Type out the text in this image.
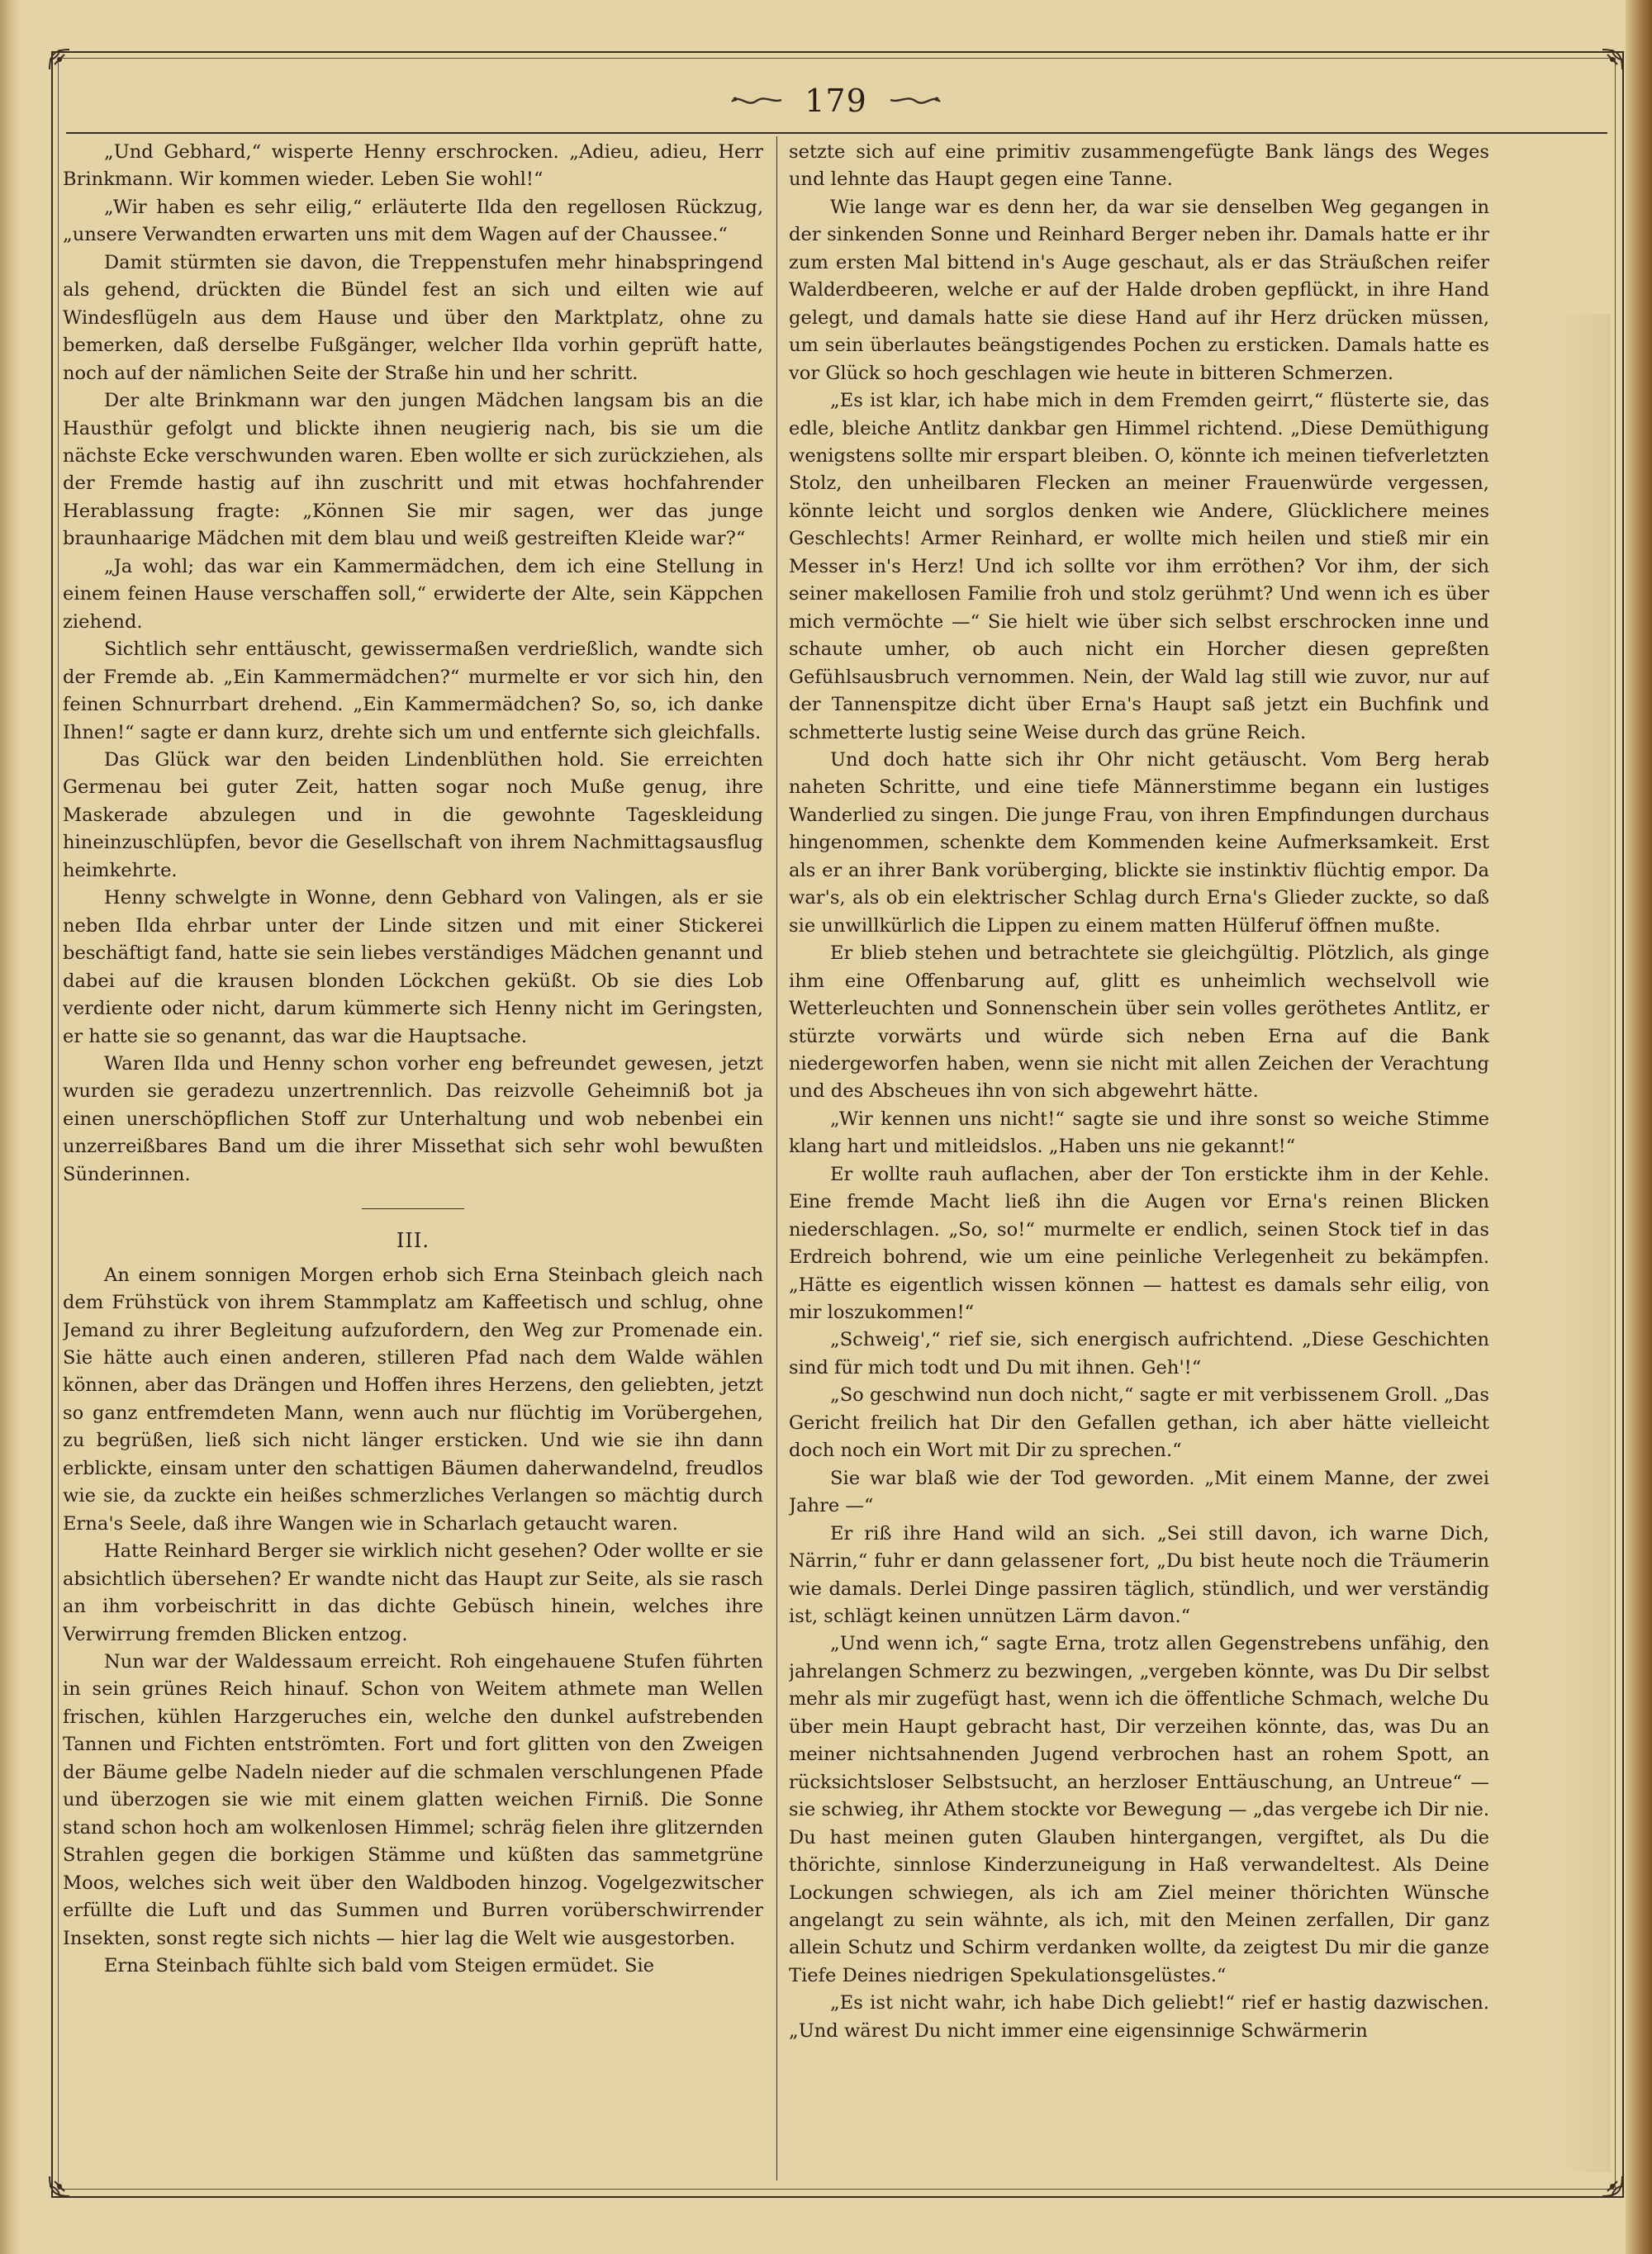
179

„Und Gebhard,“ wisperte Henny erschrocken. „Adieu, adieu, Herr Brinkmann. Wir kommen wieder. Leben Sie wohl!“

„Wir haben es sehr eilig,“ erläuterte Ilda den regellosen Rückzug, „unsere Verwandten erwarten uns mit dem Wagen auf der Chaussee.“

Damit stürmten sie davon, die Treppenstufen mehr hinabspringend als gehend, drückten die Bündel fest an sich und eilten wie auf Windesflügeln aus dem Hause und über den Marktplatz, ohne zu bemerken, daß derselbe Fußgänger, welcher Ilda vorhin geprüft hatte, noch auf der nämlichen Seite der Straße hin und her schritt.

Der alte Brinkmann war den jungen Mädchen langsam bis an die Hausthür gefolgt und blickte ihnen neugierig nach, bis sie um die nächste Ecke verschwunden waren. Eben wollte er sich zurückziehen, als der Fremde hastig auf ihn zuschritt und mit etwas hochfahrender Herablassung fragte: „Können Sie mir sagen, wer das junge braunhaarige Mädchen mit dem blau und weiß gestreiften Kleide war?“

„Ja wohl; das war ein Kammermädchen, dem ich eine Stellung in einem feinen Hause verschaffen soll,“ erwiderte der Alte, sein Käppchen ziehend.

Sichtlich sehr enttäuscht, gewissermaßen verdrießlich, wandte sich der Fremde ab. „Ein Kammermädchen?“ murmelte er vor sich hin, den feinen Schnurrbart drehend. „Ein Kammermädchen? So, so, ich danke Ihnen!“ sagte er dann kurz, drehte sich um und entfernte sich gleichfalls.

Das Glück war den beiden Lindenblüthen hold. Sie erreichten Germenau bei guter Zeit, hatten sogar noch Muße genug, ihre Maskerade abzulegen und in die gewohnte Tageskleidung hineinzuschlüpfen, bevor die Gesellschaft von ihrem Nachmittagsausflug heimkehrte.

Henny schwelgte in Wonne, denn Gebhard von Valingen, als er sie neben Ilda ehrbar unter der Linde sitzen und mit einer Stickerei beschäftigt fand, hatte sie sein liebes verständiges Mädchen genannt und dabei auf die krausen blonden Löckchen geküßt. Ob sie dies Lob verdiente oder nicht, darum kümmerte sich Henny nicht im Geringsten, er hatte sie so genannt, das war die Hauptsache.

Waren Ilda und Henny schon vorher eng befreundet gewesen, jetzt wurden sie geradezu unzertrennlich. Das reizvolle Geheimniß bot ja einen unerschöpflichen Stoff zur Unterhaltung und wob nebenbei ein unzerreißbares Band um die ihrer Missethat sich sehr wohl bewußten Sünderinnen.

III.

An einem sonnigen Morgen erhob sich Erna Steinbach gleich nach dem Frühstück von ihrem Stammplatz am Kaffeetisch und schlug, ohne Jemand zu ihrer Begleitung aufzufordern, den Weg zur Promenade ein. Sie hätte auch einen anderen, stilleren Pfad nach dem Walde wählen können, aber das Drängen und Hoffen ihres Herzens, den geliebten, jetzt so ganz entfremdeten Mann, wenn auch nur flüchtig im Vorübergehen, zu begrüßen, ließ sich nicht länger ersticken. Und wie sie ihn dann erblickte, einsam unter den schattigen Bäumen daherwandelnd, freudlos wie sie, da zuckte ein heißes schmerzliches Verlangen so mächtig durch Erna's Seele, daß ihre Wangen wie in Scharlach getaucht waren.

Hatte Reinhard Berger sie wirklich nicht gesehen? Oder wollte er sie absichtlich übersehen? Er wandte nicht das Haupt zur Seite, als sie rasch an ihm vorbeischritt in das dichte Gebüsch hinein, welches ihre Verwirrung fremden Blicken entzog.

Nun war der Waldessaum erreicht. Roh eingehauene Stufen führten in sein grünes Reich hinauf. Schon von Weitem athmete man Wellen frischen, kühlen Harzgeruches ein, welche den dunkel aufstrebenden Tannen und Fichten entströmten. Fort und fort glitten von den Zweigen der Bäume gelbe Nadeln nieder auf die schmalen verschlungenen Pfade und überzogen sie wie mit einem glatten weichen Firniß. Die Sonne stand schon hoch am wolkenlosen Himmel; schräg fielen ihre glitzernden Strahlen gegen die borkigen Stämme und küßten das sammetgrüne Moos, welches sich weit über den Waldboden hinzog. Vogelgezwitscher erfüllte die Luft und das Summen und Burren vorüberschwirrender Insekten, sonst regte sich nichts — hier lag die Welt wie ausgestorben.

Erna Steinbach fühlte sich bald vom Steigen ermüdet. Sie

setzte sich auf eine primitiv zusammengefügte Bank längs des Weges und lehnte das Haupt gegen eine Tanne.

Wie lange war es denn her, da war sie denselben Weg gegangen in der sinkenden Sonne und Reinhard Berger neben ihr. Damals hatte er ihr zum ersten Mal bittend in's Auge geschaut, als er das Sträußchen reifer Walderdbeeren, welche er auf der Halde droben gepflückt, in ihre Hand gelegt, und damals hatte sie diese Hand auf ihr Herz drücken müssen, um sein überlautes beängstigendes Pochen zu ersticken. Damals hatte es vor Glück so hoch geschlagen wie heute in bitteren Schmerzen.

„Es ist klar, ich habe mich in dem Fremden geirrt,“ flüsterte sie, das edle, bleiche Antlitz dankbar gen Himmel richtend. „Diese Demüthigung wenigstens sollte mir erspart bleiben. O, könnte ich meinen tiefverletzten Stolz, den unheilbaren Flecken an meiner Frauenwürde vergessen, könnte leicht und sorglos denken wie Andere, Glücklichere meines Geschlechts! Armer Reinhard, er wollte mich heilen und stieß mir ein Messer in's Herz! Und ich sollte vor ihm erröthen? Vor ihm, der sich seiner makellosen Familie froh und stolz gerühmt? Und wenn ich es über mich vermöchte —“ Sie hielt wie über sich selbst erschrocken inne und schaute umher, ob auch nicht ein Horcher diesen gepreßten Gefühlsausbruch vernommen. Nein, der Wald lag still wie zuvor, nur auf der Tannenspitze dicht über Erna's Haupt saß jetzt ein Buchfink und schmetterte lustig seine Weise durch das grüne Reich.

Und doch hatte sich ihr Ohr nicht getäuscht. Vom Berg herab naheten Schritte, und eine tiefe Männerstimme begann ein lustiges Wanderlied zu singen. Die junge Frau, von ihren Empfindungen durchaus hingenommen, schenkte dem Kommenden keine Aufmerksamkeit. Erst als er an ihrer Bank vorüberging, blickte sie instinktiv flüchtig empor. Da war's, als ob ein elektrischer Schlag durch Erna's Glieder zuckte, so daß sie unwillkürlich die Lippen zu einem matten Hülferuf öffnen mußte.

Er blieb stehen und betrachtete sie gleichgültig. Plötzlich, als ginge ihm eine Offenbarung auf, glitt es unheimlich wechselvoll wie Wetterleuchten und Sonnenschein über sein volles geröthetes Antlitz, er stürzte vorwärts und würde sich neben Erna auf die Bank niedergeworfen haben, wenn sie nicht mit allen Zeichen der Verachtung und des Abscheues ihn von sich abgewehrt hätte.

„Wir kennen uns nicht!“ sagte sie und ihre sonst so weiche Stimme klang hart und mitleidslos. „Haben uns nie gekannt!“

Er wollte rauh auflachen, aber der Ton erstickte ihm in der Kehle. Eine fremde Macht ließ ihn die Augen vor Erna's reinen Blicken niederschlagen. „So, so!“ murmelte er endlich, seinen Stock tief in das Erdreich bohrend, wie um eine peinliche Verlegenheit zu bekämpfen. „Hätte es eigentlich wissen können — hattest es damals sehr eilig, von mir loszukommen!“

„Schweig',“ rief sie, sich energisch aufrichtend. „Diese Geschichten sind für mich todt und Du mit ihnen. Geh'!“

„So geschwind nun doch nicht,“ sagte er mit verbissenem Groll. „Das Gericht freilich hat Dir den Gefallen gethan, ich aber hätte vielleicht doch noch ein Wort mit Dir zu sprechen.“

Sie war blaß wie der Tod geworden. „Mit einem Manne, der zwei Jahre —“

Er riß ihre Hand wild an sich. „Sei still davon, ich warne Dich, Närrin,“ fuhr er dann gelassener fort, „Du bist heute noch die Träumerin wie damals. Derlei Dinge passiren täglich, stündlich, und wer verständig ist, schlägt keinen unnützen Lärm davon.“

„Und wenn ich,“ sagte Erna, trotz allen Gegenstrebens unfähig, den jahrelangen Schmerz zu bezwingen, „vergeben könnte, was Du Dir selbst mehr als mir zugefügt hast, wenn ich die öffentliche Schmach, welche Du über mein Haupt gebracht hast, Dir verzeihen könnte, das, was Du an meiner nichtsahnenden Jugend verbrochen hast an rohem Spott, an rücksichtsloser Selbstsucht, an herzloser Enttäuschung, an Untreue“ — sie schwieg, ihr Athem stockte vor Bewegung — „das vergebe ich Dir nie. Du hast meinen guten Glauben hintergangen, vergiftet, als Du die thörichte, sinnlose Kinderzuneigung in Haß verwandeltest. Als Deine Lockungen schwiegen, als ich am Ziel meiner thörichten Wünsche angelangt zu sein wähnte, als ich, mit den Meinen zerfallen, Dir ganz allein Schutz und Schirm verdanken wollte, da zeigtest Du mir die ganze Tiefe Deines niedrigen Spekulationsgelüstes.“

„Es ist nicht wahr, ich habe Dich geliebt!“ rief er hastig dazwischen. „Und wärest Du nicht immer eine eigensinnige Schwärmerin
